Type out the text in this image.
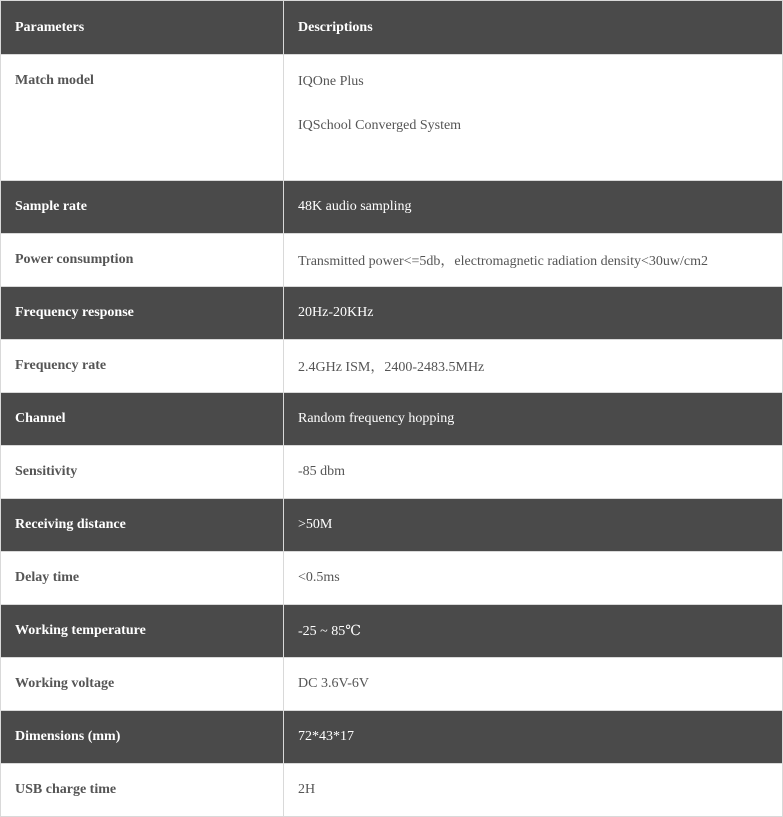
Parameters	Descriptions
Match model	IQOne Plus
IQSchool Converged System

Sample rate	48K audio sampling
Power consumption	Transmitted power<=5db，electromagnetic radiation density<30uw/cm2
Frequency response	20Hz-20KHz
Frequency rate	2.4GHz ISM，2400-2483.5MHz
Channel	Random frequency hopping
Sensitivity	-85 dbm
Receiving distance	>50M
Delay time	<0.5ms
Working temperature	-25 ~ 85℃
Working voltage	DC 3.6V-6V
Dimensions (mm)	72*43*17
USB charge time	2H
